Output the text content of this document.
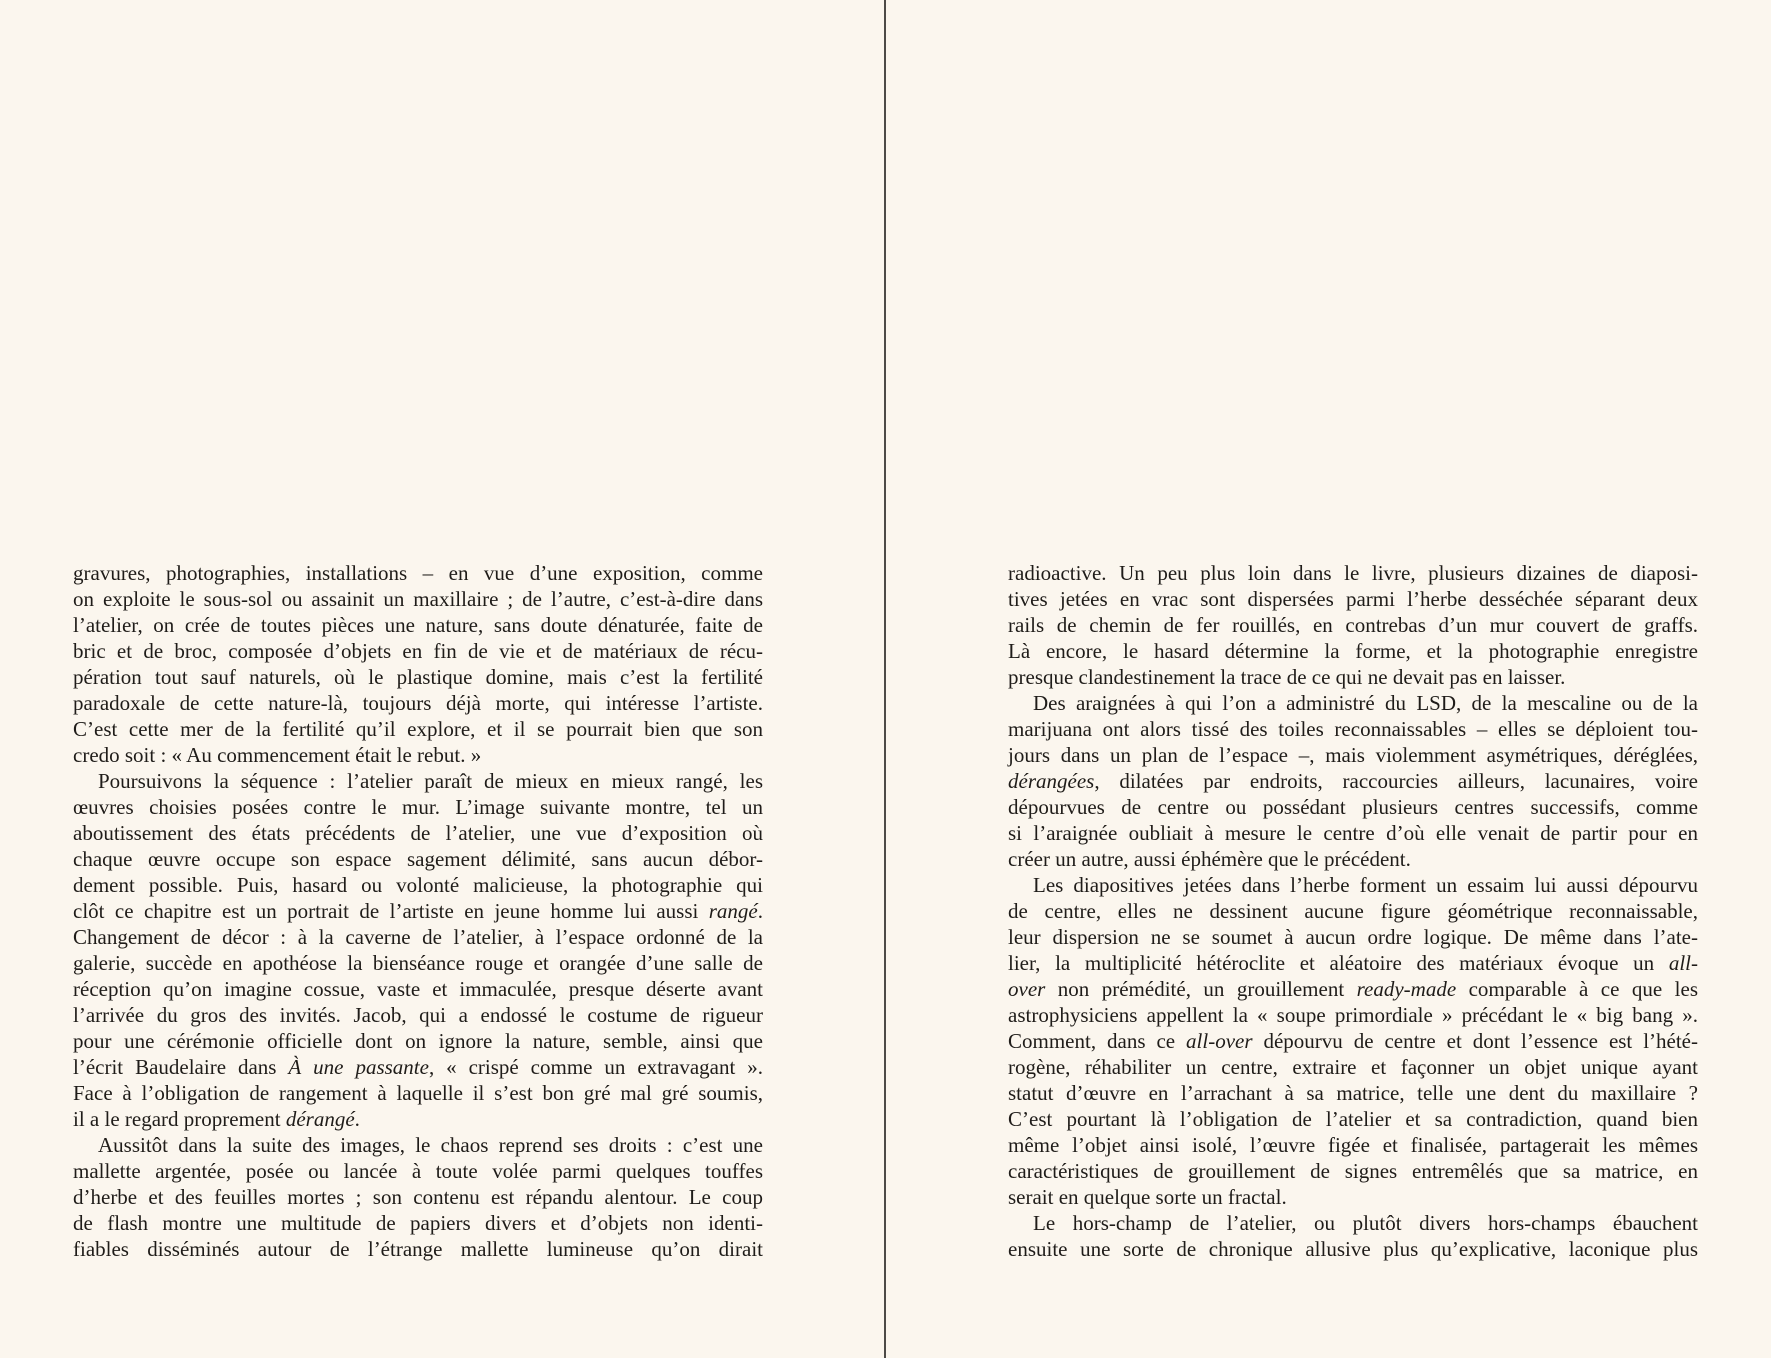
gravures, photographies, installations – en vue d’une exposition, comme
on exploite le sous-sol ou assainit un maxillaire ; de l’autre, c’est-à-dire dans
l’atelier, on crée de toutes pièces une nature, sans doute dénaturée, faite de
bric et de broc, composée d’objets en fin de vie et de matériaux de récu-
pération tout sauf naturels, où le plastique domine, mais c’est la fertilité
paradoxale de cette nature-là, toujours déjà morte, qui intéresse l’artiste.
C’est cette mer de la fertilité qu’il explore, et il se pourrait bien que son
credo soit : « Au commencement était le rebut. »
Poursuivons la séquence : l’atelier paraît de mieux en mieux rangé, les
œuvres choisies posées contre le mur. L’image suivante montre, tel un
aboutissement des états précédents de l’atelier, une vue d’exposition où
chaque œuvre occupe son espace sagement délimité, sans aucun débor-
dement possible. Puis, hasard ou volonté malicieuse, la photographie qui
clôt ce chapitre est un portrait de l’artiste en jeune homme lui aussi rangé.
Changement de décor : à la caverne de l’atelier, à l’espace ordonné de la
galerie, succède en apothéose la bienséance rouge et orangée d’une salle de
réception qu’on imagine cossue, vaste et immaculée, presque déserte avant
l’arrivée du gros des invités. Jacob, qui a endossé le costume de rigueur
pour une cérémonie officielle dont on ignore la nature, semble, ainsi que
l’écrit Baudelaire dans À une passante, « crispé comme un extravagant ».
Face à l’obligation de rangement à laquelle il s’est bon gré mal gré soumis,
il a le regard proprement dérangé.
Aussitôt dans la suite des images, le chaos reprend ses droits : c’est une
mallette argentée, posée ou lancée à toute volée parmi quelques touffes
d’herbe et des feuilles mortes ; son contenu est répandu alentour. Le coup
de flash montre une multitude de papiers divers et d’objets non identi-
fiables disséminés autour de l’étrange mallette lumineuse qu’on dirait
radioactive. Un peu plus loin dans le livre, plusieurs dizaines de diaposi-
tives jetées en vrac sont dispersées parmi l’herbe desséchée séparant deux
rails de chemin de fer rouillés, en contrebas d’un mur couvert de graffs.
Là encore, le hasard détermine la forme, et la photographie enregistre
presque clandestinement la trace de ce qui ne devait pas en laisser.
Des araignées à qui l’on a administré du LSD, de la mescaline ou de la
marijuana ont alors tissé des toiles reconnaissables – elles se déploient tou-
jours dans un plan de l’espace –, mais violemment asymétriques, déréglées,
dérangées, dilatées par endroits, raccourcies ailleurs, lacunaires, voire
dépourvues de centre ou possédant plusieurs centres successifs, comme
si l’araignée oubliait à mesure le centre d’où elle venait de partir pour en
créer un autre, aussi éphémère que le précédent.
Les diapositives jetées dans l’herbe forment un essaim lui aussi dépourvu
de centre, elles ne dessinent aucune figure géométrique reconnaissable,
leur dispersion ne se soumet à aucun ordre logique. De même dans l’ate-
lier, la multiplicité hétéroclite et aléatoire des matériaux évoque un all-
over non prémédité, un grouillement ready-made comparable à ce que les
astrophysiciens appellent la « soupe primordiale » précédant le « big bang ».
Comment, dans ce all-over dépourvu de centre et dont l’essence est l’hété-
rogène, réhabiliter un centre, extraire et façonner un objet unique ayant
statut d’œuvre en l’arrachant à sa matrice, telle une dent du maxillaire ?
C’est pourtant là l’obligation de l’atelier et sa contradiction, quand bien
même l’objet ainsi isolé, l’œuvre figée et finalisée, partagerait les mêmes
caractéristiques de grouillement de signes entremêlés que sa matrice, en
serait en quelque sorte un fractal.
Le hors-champ de l’atelier, ou plutôt divers hors-champs ébauchent
ensuite une sorte de chronique allusive plus qu’explicative, laconique plus
